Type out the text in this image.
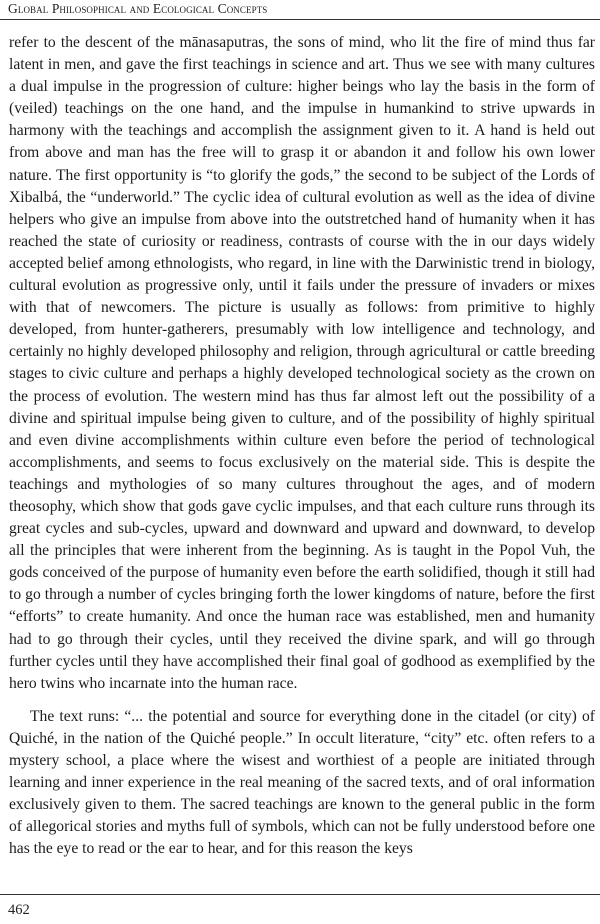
Global Philosophical and Ecological Concepts

refer to the descent of the mānasaputras, the sons of mind, who lit the fire of mind thus far latent in men, and gave the first teachings in science and art. Thus we see with many cultures a dual impulse in the progression of culture: higher beings who lay the basis in the form of (veiled) teachings on the one hand, and the impulse in humankind to strive upwards in harmony with the teachings and accomplish the assignment given to it. A hand is held out from above and man has the free will to grasp it or abandon it and follow his own lower nature. The first opportunity is “to glorify the gods,” the second to be subject of the Lords of Xibalbá, the “underworld.” The cyclic idea of cultural evolution as well as the idea of divine helpers who give an impulse from above into the outstretched hand of humanity when it has reached the state of curiosity or readiness, contrasts of course with the in our days widely accepted belief among ethnologists, who regard, in line with the Darwinistic trend in biology, cultural evolution as progressive only, until it fails under the pressure of invaders or mixes with that of newcomers. The picture is usually as follows: from primitive to highly developed, from hunter-gatherers, presumably with low intelligence and technology, and certainly no highly developed philosophy and religion, through agricultural or cattle breeding stages to civic culture and perhaps a highly developed technological society as the crown on the process of evolution. The western mind has thus far almost left out the possibility of a divine and spiritual impulse being given to culture, and of the possibility of highly spiritual and even divine accomplishments within culture even before the period of technological accomplishments, and seems to focus exclusively on the material side. This is despite the teachings and mythologies of so many cultures throughout the ages, and of modern theosophy, which show that gods gave cyclic impulses, and that each culture runs through its great cycles and sub-cycles, upward and downward and upward and downward, to develop all the principles that were inherent from the beginning. As is taught in the Popol Vuh, the gods conceived of the purpose of humanity even before the earth solidified, though it still had to go through a number of cycles bringing forth the lower kingdoms of nature, before the first “efforts” to create humanity. And once the human race was established, men and humanity had to go through their cycles, until they received the divine spark, and will go through further cycles until they have accomplished their final goal of godhood as exemplified by the hero twins who incarnate into the human race.

The text runs: “... the potential and source for everything done in the citadel (or city) of Quiché, in the nation of the Quiché people.” In occult literature, “city” etc. often refers to a mystery school, a place where the wisest and worthiest of a people are initiated through learning and inner experience in the real meaning of the sacred texts, and of oral information exclusively given to them. The sacred teachings are known to the general public in the form of allegorical stories and myths full of symbols, which can not be fully understood before one has the eye to read or the ear to hear, and for this reason the keys

462
